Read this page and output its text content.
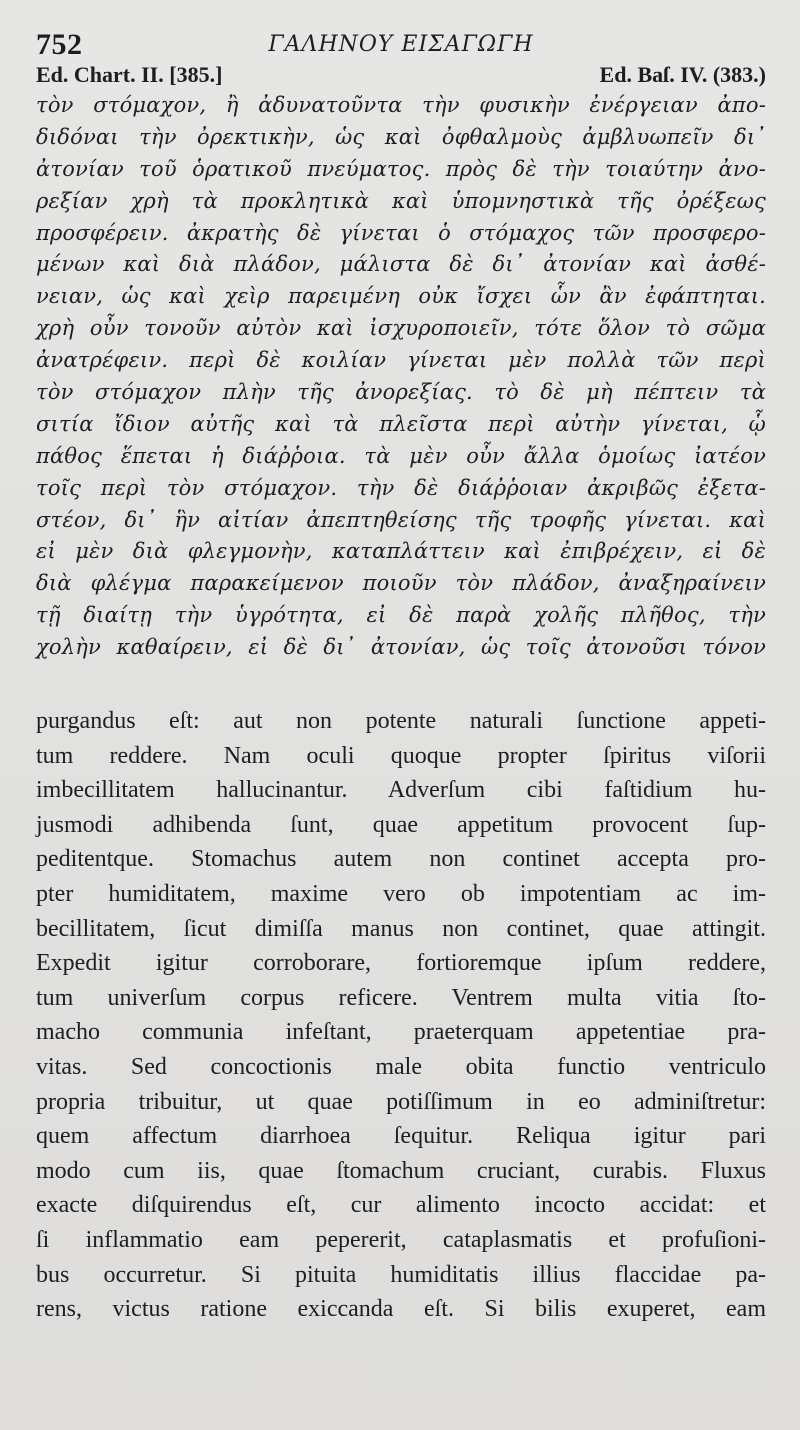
752	ΓΑΛΗΝΟΥ ΕΙΣΑΓΩΓΗ
Ed. Chart. II. [385.]	Ed. Baſ. IV. (383.)
τὸν στόμαχον, ἢ ἀδυνατοῦντα τὴν φυσικὴν ἐνέργειαν ἀπο-
διδόναι τὴν ὀρεκτικὴν, ὡς καὶ ὀφθαλμοὺς ἀμβλυωπεῖν δι᾽
ἀτονίαν τοῦ ὁρατικοῦ πνεύματος. πρὸς δὲ τὴν τοιαύτην ἀνο-
ρεξίαν χρὴ τὰ προκλητικὰ καὶ ὑπομνηστικὰ τῆς ὀρέξεως
προσφέρειν. ἀκρατὴς δὲ γίνεται ὁ στόμαχος τῶν προσφερο-
μένων καὶ διὰ πλάδον, μάλιστα δὲ δι᾽ ἀτονίαν καὶ ἀσθέ-
νειαν, ὡς καὶ χεὶρ παρειμένη οὐκ ἴσχει ὧν ἂν ἐφάπτηται.
χρὴ οὖν τονοῦν αὐτὸν καὶ ἰσχυροποιεῖν, τότε ὅλον τὸ σῶμα
ἀνατρέφειν. περὶ δὲ κοιλίαν γίνεται μὲν πολλὰ τῶν περὶ
τὸν στόμαχον πλὴν τῆς ἀνορεξίας. τὸ δὲ μὴ πέπτειν τὰ
σιτία ἴδιον αὐτῆς καὶ τὰ πλεῖστα περὶ αὐτὴν γίνεται, ᾧ
πάθος ἕπεται ἡ διάῤῥοια. τὰ μὲν οὖν ἄλλα ὁμοίως ἰατέον
τοῖς περὶ τὸν στόμαχον. τὴν δὲ διάῤῥοιαν ἀκριβῶς ἐξετα-
στέον, δι᾽ ἣν αἰτίαν ἀπεπτηθείσης τῆς τροφῆς γίνεται. καὶ
εἰ μὲν διὰ φλεγμονὴν, καταπλάττειν καὶ ἐπιβρέχειν, εἰ δὲ
διὰ φλέγμα παρακείμενον ποιοῦν τὸν πλάδον, ἀναξηραίνειν
τῇ διαίτῃ τὴν ὑγρότητα, εἰ δὲ παρὰ χολῆς πλῆθος, τὴν
χολὴν καθαίρειν, εἰ δὲ δι᾽ ἀτονίαν, ὡς τοῖς ἀτονοῦσι τόνον
purgandus eſt: aut non potente naturali ſunctione appeti-
tum reddere. Nam oculi quoque propter ſpiritus viſorii
imbecillitatem hallucinantur. Adverſum cibi faſtidium hu-
jusmodi adhibenda ſunt, quae appetitum provocent ſup-
peditentque. Stomachus autem non continet accepta pro-
pter humiditatem, maxime vero ob impotentiam ac im-
becillitatem, ſicut dimiſſa manus non continet, quae attingit.
Expedit igitur corroborare, fortioremque ipſum reddere,
tum univerſum corpus reficere. Ventrem multa vitia ſto-
macho communia infeſtant, praeterquam appetentiae pra-
vitas. Sed concoctionis male obita functio ventriculo
propria tribuitur, ut quae potiſſimum in eo adminiſtretur:
quem affectum diarrhoea ſequitur. Reliqua igitur pari
modo cum iis, quae ſtomachum cruciant, curabis. Fluxus
exacte diſquirendus eſt, cur alimento incocto accidat: et
ſi inflammatio eam pepererit, cataplasmatis et profuſioni-
bus occurretur. Si pituita humiditatis illius flaccidae pa-
rens, victus ratione exiccanda eſt. Si bilis exuperet, eam
